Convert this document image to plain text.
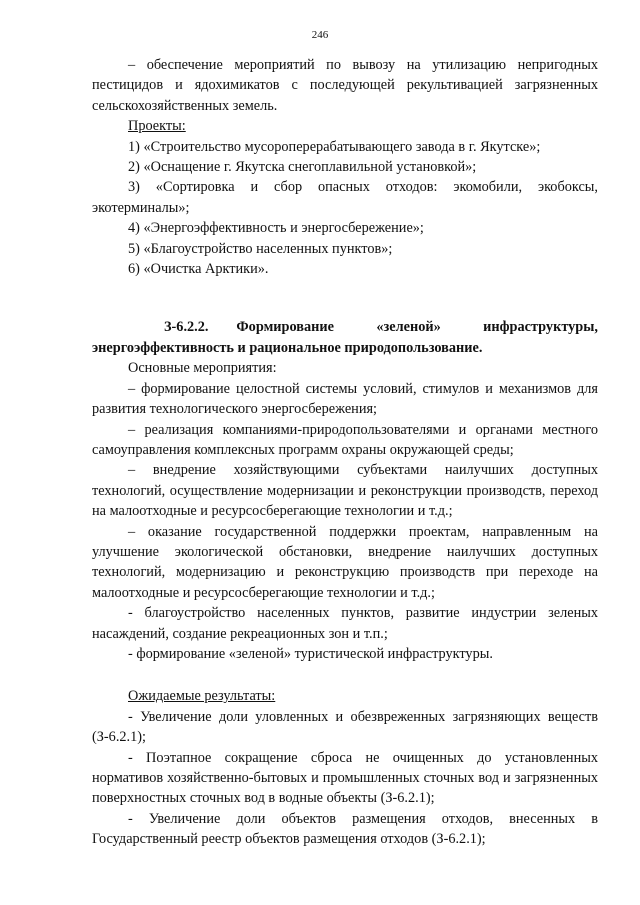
246

– обеспечение мероприятий по вывозу на утилизацию непригодных пестицидов и ядохимикатов с последующей рекультивацией загрязненных сельскохозяйственных земель.

Проекты:

1) «Строительство мусороперерабатывающего завода в г. Якутске»;

2) «Оснащение г. Якутска снегоплавильной установкой»;

3) «Сортировка и сбор опасных отходов: экомобили, экобоксы, экотерминалы»;

4) «Энергоэффективность и энергосбережение»;

5) «Благоустройство населенных пунктов»;

6) «Очистка Арктики».

З-6.2.2. Формирование «зеленой» инфраструктуры, энергоэффективность и рациональное природопользование.

Основные мероприятия:

– формирование целостной системы условий, стимулов и механизмов для развития технологического энергосбережения;

– реализация компаниями-природопользователями и органами местного самоуправления комплексных программ охраны окружающей среды;

– внедрение хозяйствующими субъектами наилучших доступных технологий, осуществление модернизации и реконструкции производств, переход на малоотходные и ресурсосберегающие технологии и т.д.;

– оказание государственной поддержки проектам, направленным на улучшение экологической обстановки, внедрение наилучших доступных технологий, модернизацию и реконструкцию производств при переходе на малоотходные и ресурсосберегающие технологии и т.д.;

- благоустройство населенных пунктов, развитие индустрии зеленых насаждений, создание рекреационных зон и т.п.;

- формирование «зеленой» туристической инфраструктуры.

Ожидаемые результаты:

- Увеличение доли уловленных и обезвреженных загрязняющих веществ (З-6.2.1);

- Поэтапное сокращение сброса не очищенных до установленных нормативов хозяйственно-бытовых и промышленных сточных вод и загрязненных поверхностных сточных вод в водные объекты (З-6.2.1);

- Увеличение доли объектов размещения отходов, внесенных в Государственный реестр объектов размещения отходов (З-6.2.1);
